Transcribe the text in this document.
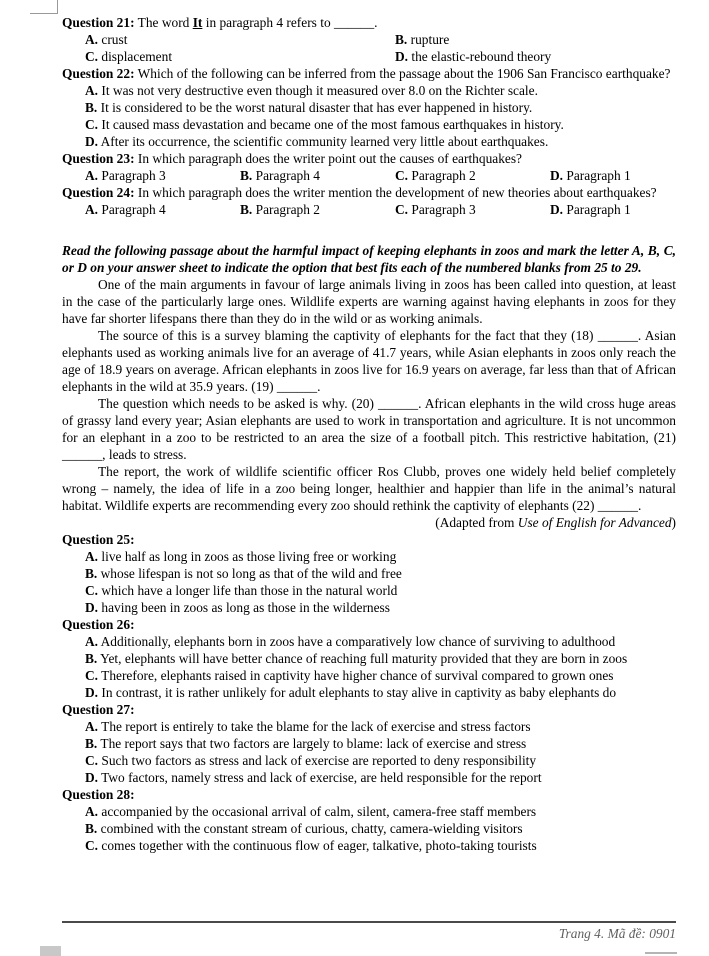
Question 21: The word It in paragraph 4 refers to ______.

A. crust	B. rupture
C. displacement	D. the elastic-rebound theory

Question 22: Which of the following can be inferred from the passage about the 1906 San Francisco earthquake?

A. It was not very destructive even though it measured over 8.0 on the Richter scale.
B. It is considered to be the worst natural disaster that has ever happened in history.
C. It caused mass devastation and became one of the most famous earthquakes in history.
D. After its occurrence, the scientific community learned very little about earthquakes.

Question 23: In which paragraph does the writer point out the causes of earthquakes?

A. Paragraph 3	B. Paragraph 4	C. Paragraph 2	D. Paragraph 1

Question 24: In which paragraph does the writer mention the development of new theories about earthquakes?

A. Paragraph 4	B. Paragraph 2	C. Paragraph 3	D. Paragraph 1

Read the following passage about the harmful impact of keeping elephants in zoos and mark the letter A, B, C, or D on your answer sheet to indicate the option that best fits each of the numbered blanks from 25 to 29.

One of the main arguments in favour of large animals living in zoos has been called into question, at least in the case of the particularly large ones. Wildlife experts are warning against having elephants in zoos for they have far shorter lifespans there than they do in the wild or as working animals.

The source of this is a survey blaming the captivity of elephants for the fact that they (18) ______. Asian elephants used as working animals live for an average of 41.7 years, while Asian elephants in zoos only reach the age of 18.9 years on average. African elephants in zoos live for 16.9 years on average, far less than that of African elephants in the wild at 35.9 years. (19) ______.

The question which needs to be asked is why. (20) ______. African elephants in the wild cross huge areas of grassy land every year; Asian elephants are used to work in transportation and agriculture. It is not uncommon for an elephant in a zoo to be restricted to an area the size of a football pitch. This restrictive habitation, (21) ______, leads to stress.

The report, the work of wildlife scientific officer Ros Clubb, proves one widely held belief completely wrong – namely, the idea of life in a zoo being longer, healthier and happier than life in the animal’s natural habitat. Wildlife experts are recommending every zoo should rethink the captivity of elephants (22) ______.

(Adapted from Use of English for Advanced)

Question 25:

A. live half as long in zoos as those living free or working
B. whose lifespan is not so long as that of the wild and free
C. which have a longer life than those in the natural world
D. having been in zoos as long as those in the wilderness

Question 26:

A. Additionally, elephants born in zoos have a comparatively low chance of surviving to adulthood
B. Yet, elephants will have better chance of reaching full maturity provided that they are born in zoos
C. Therefore, elephants raised in captivity have higher chance of survival compared to grown ones
D. In contrast, it is rather unlikely for adult elephants to stay alive in captivity as baby elephants do

Question 27:

A. The report is entirely to take the blame for the lack of exercise and stress factors
B. The report says that two factors are largely to blame: lack of exercise and stress
C. Such two factors as stress and lack of exercise are reported to deny responsibility
D. Two factors, namely stress and lack of exercise, are held responsible for the report

Question 28:

A. accompanied by the occasional arrival of calm, silent, camera-free staff members
B. combined with the constant stream of curious, chatty, camera-wielding visitors
C. comes together with the continuous flow of eager, talkative, photo-taking tourists
Trang 4. Mã đề: 0901
